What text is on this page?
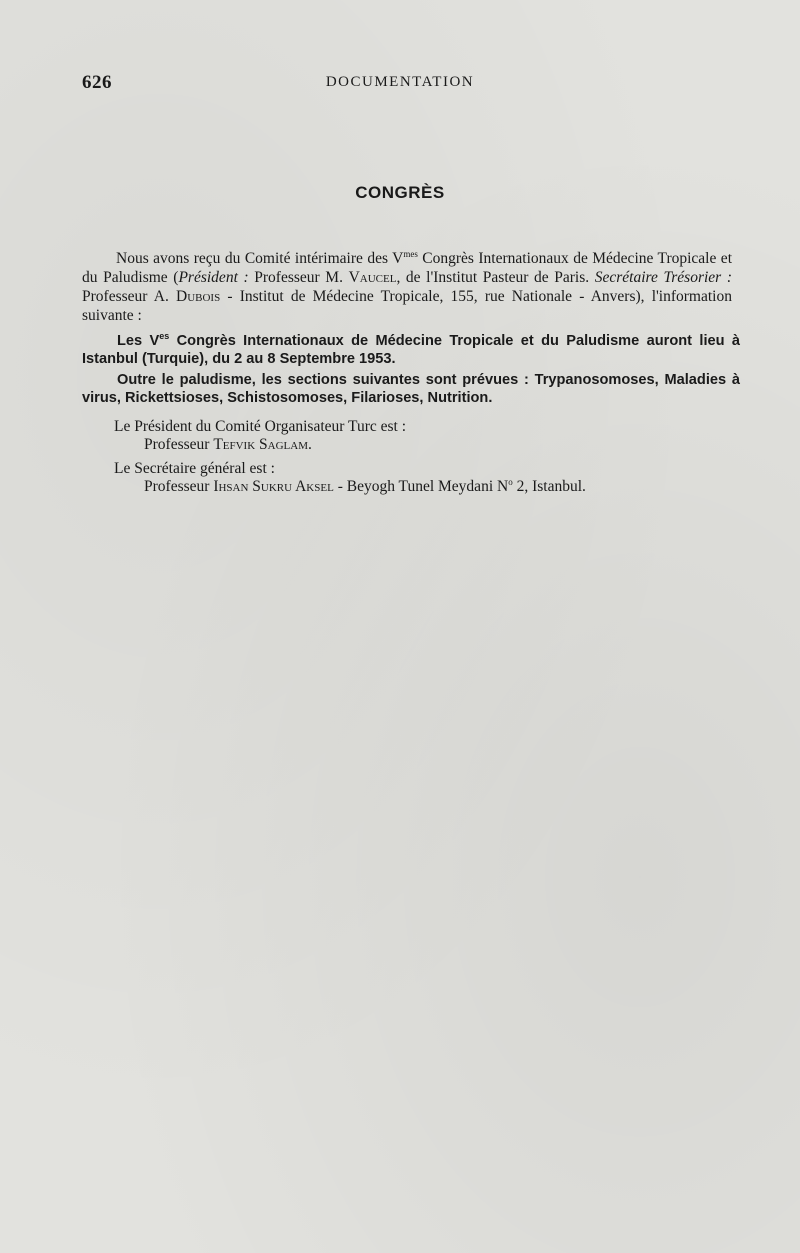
626	DOCUMENTATION
CONGRÈS
Nous avons reçu du Comité intérimaire des $V^{mes}$ Congrès Internationaux de Médecine Tropicale et du Paludisme (Président : Professeur M. Vaucel, de l'Institut Pasteur de Paris. Secrétaire Trésorier : Professeur A. Dubois - Institut de Médecine Tropicale, 155, rue Nationale - Anvers), l'information suivante :

Les $V^{es}$ Congrès Internationaux de Médecine Tropicale et du Paludisme auront lieu à Istanbul (Turquie), du 2 au 8 Septembre 1953.

Outre le paludisme, les sections suivantes sont prévues : Trypanosomoses, Maladies à virus, Rickettsioses, Schistosomoses, Filarioses, Nutrition.

Le Président du Comité Organisateur Turc est :
Professeur Tefvik Saglam.
Le Secrétaire général est :
Professeur Ihsan Sukru Aksel - Beyogh Tunel Meydani $N^o$ 2, Istanbul.
